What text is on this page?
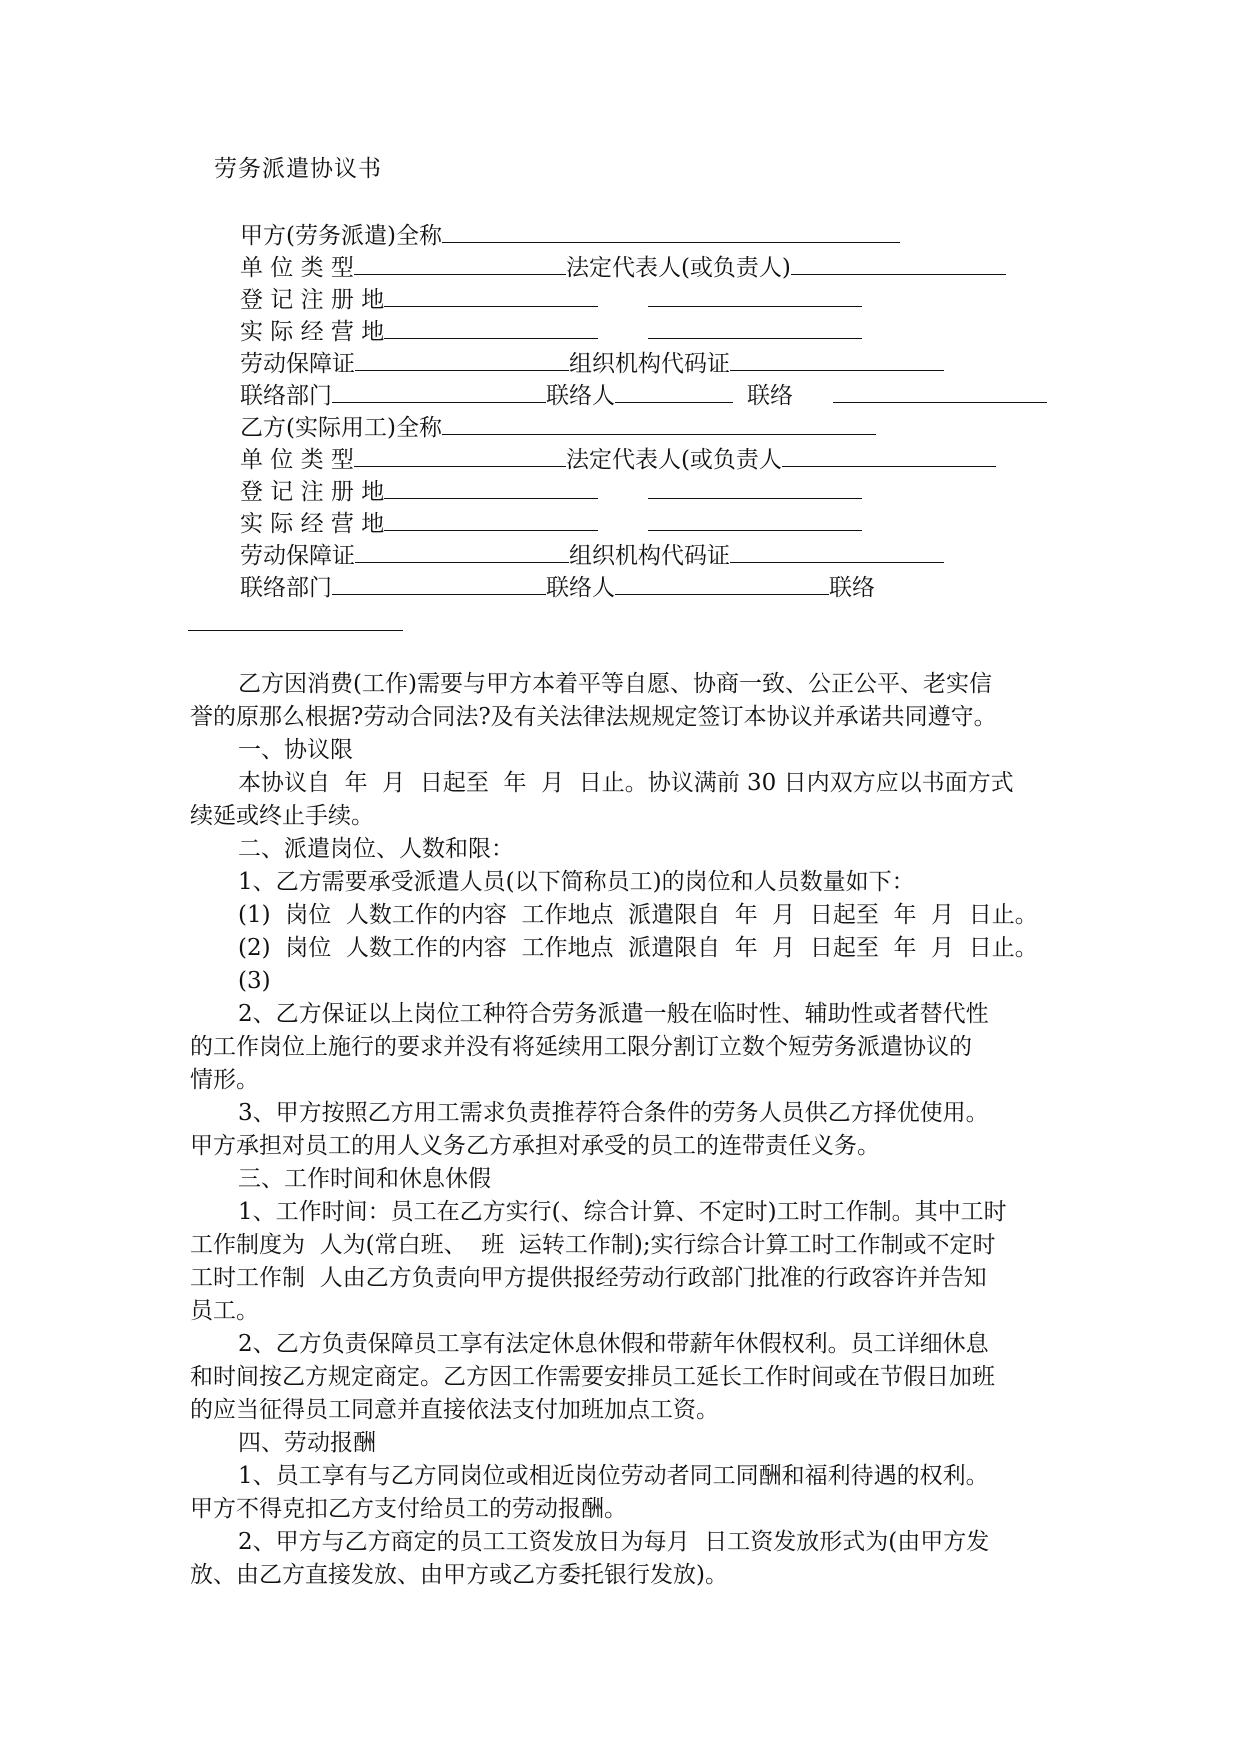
劳务派遣协议书
甲方(劳务派遣)全称
单 位 类 型	法定代表人(或负责人)
登 记 注 册 地
实 际 经 营 地
劳动保障证	组织机构代码证
联络部门	联络人	联络
乙方(实际用工)全称
单 位 类 型	法定代表人(或负责人
登 记 注 册 地
实 际 经 营 地
劳动保障证	组织机构代码证
联络部门	联络人	联络
乙方因消费(工作)需要与甲方本着平等自愿、协商一致、公正公平、老实信
誉的原那么根据?劳动合同法?及有关法律法规规定签订本协议并承诺共同遵守。
一、协议限
本协议自  年  月  日起至  年  月  日止。协议满前 30 日内双方应以书面方式
续延或终止手续。
二、派遣岗位、人数和限：
1、乙方需要承受派遣人员(以下简称员工)的岗位和人员数量如下：
(1)  岗位  人数工作的内容  工作地点  派遣限自  年  月  日起至  年  月  日止。
(2)  岗位  人数工作的内容  工作地点  派遣限自  年  月  日起至  年  月  日止。
(3)
2、乙方保证以上岗位工种符合劳务派遣一般在临时性、辅助性或者替代性
的工作岗位上施行的要求并没有将延续用工限分割订立数个短劳务派遣协议的
情形。
3、甲方按照乙方用工需求负责推荐符合条件的劳务人员供乙方择优使用。
甲方承担对员工的用人义务乙方承担对承受的员工的连带责任义务。
三、工作时间和休息休假
1、工作时间：员工在乙方实行(、综合计算、不定时)工时工作制。其中工时
工作制度为  人为(常白班、  班  运转工作制);实行综合计算工时工作制或不定时
工时工作制  人由乙方负责向甲方提供报经劳动行政部门批准的行政容许并告知
员工。
2、乙方负责保障员工享有法定休息休假和带薪年休假权利。员工详细休息
和时间按乙方规定商定。乙方因工作需要安排员工延长工作时间或在节假日加班
的应当征得员工同意并直接依法支付加班加点工资。
四、劳动报酬
1、员工享有与乙方同岗位或相近岗位劳动者同工同酬和福利待遇的权利。
甲方不得克扣乙方支付给员工的劳动报酬。
2、甲方与乙方商定的员工工资发放日为每月  日工资发放形式为(由甲方发
放、由乙方直接发放、由甲方或乙方委托银行发放)。
